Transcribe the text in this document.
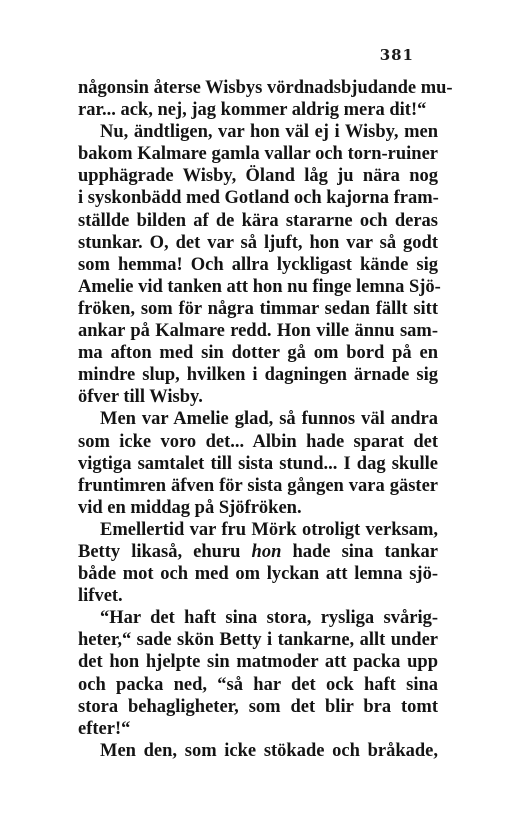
381
någonsin återse Wisbys vördnadsbjudande mu-
rar... ack, nej, jag kommer aldrig mera dit!“
Nu, ändtligen, var hon väl ej i Wisby, men
bakom Kalmare gamla vallar och torn-ruiner
upphägrade Wisby, Öland låg ju nära nog
i syskonbädd med Gotland och kajorna fram-
ställde bilden af de kära stararne och deras
stunkar. O, det var så ljuft, hon var så godt
som hemma! Och allra lyckligast kände sig
Amelie vid tanken att hon nu finge lemna Sjö-
fröken, som för några timmar sedan fällt sitt
ankar på Kalmare redd. Hon ville ännu sam-
ma afton med sin dotter gå om bord på en
mindre slup, hvilken i dagningen ärnade sig
öfver till Wisby.
Men var Amelie glad, så funnos väl andra
som icke voro det... Albin hade sparat det
vigtiga samtalet till sista stund... I dag skulle
fruntimren äfven för sista gången vara gäster
vid en middag på Sjöfröken.
Emellertid var fru Mörk otroligt verksam,
Betty likaså, ehuru hon hade sina tankar
både mot och med om lyckan att lemna sjö-
lifvet.
“Har det haft sina stora, rysliga svårig-
heter,“ sade skön Betty i tankarne, allt under
det hon hjelpte sin matmoder att packa upp
och packa ned, “så har det ock haft sina
stora behagligheter, som det blir bra tomt
efter!“
Men den, som icke stökade och bråkade,
